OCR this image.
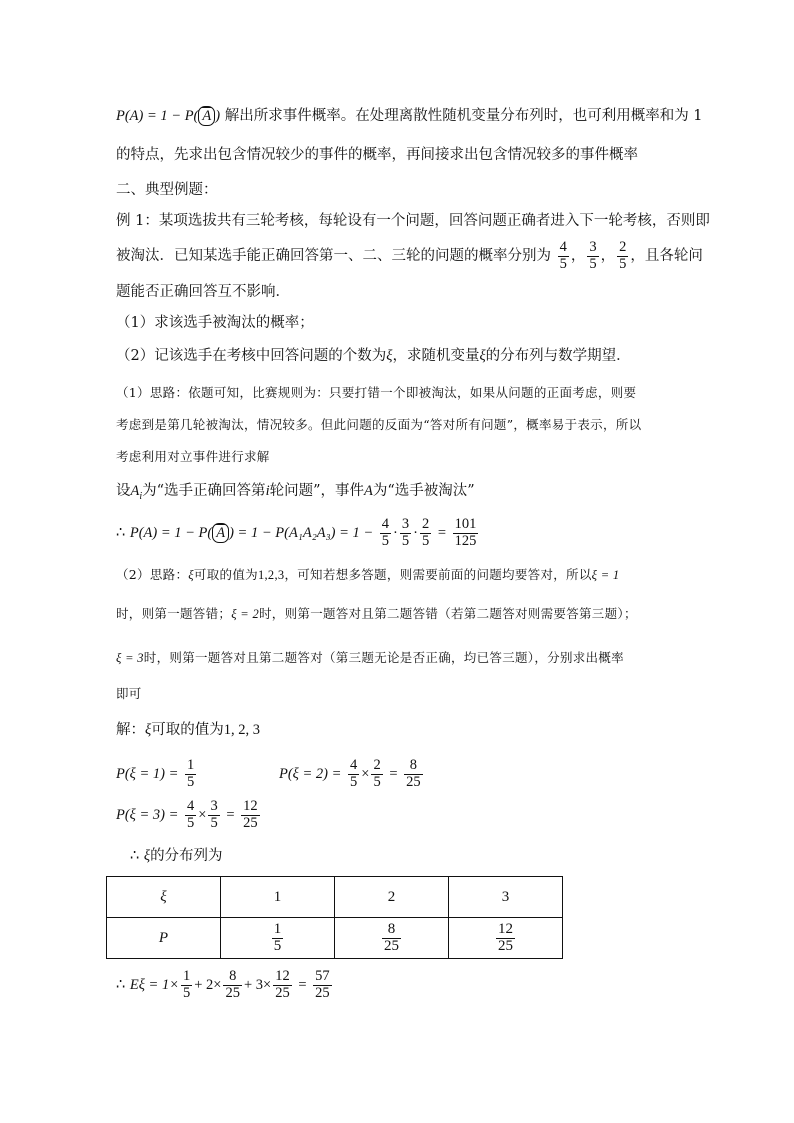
P(A) = 1 − P( A ) 解出所求事件概率。在处理离散性随机变量分布列时，也可利用概率和为 1
的特点，先求出包含情况较少的事件的概率，再间接求出包含情况较多的事件概率
二、典型例题：
例 1：某项选拔共有三轮考核，每轮设有一个问题，回答问题正确者进入下一轮考核，否则即
被淘汰．已知某选手能正确回答第一、二、三轮的问题的概率分别为 $\frac{4}{5}$ ， $\frac{3}{5}$ ， $\frac{2}{5}$ ，且各轮问
题能否正确回答互不影响．
（1）求该选手被淘汰的概率；
（2）记该选手在考核中回答问题的个数为ξ，求随机变量ξ的分布列与数学期望．
（1）思路：依题可知，比赛规则为：只要打错一个即被淘汰，如果从问题的正面考虑，则要
考虑到是第几轮被淘汰，情况较多。但此问题的反面为“答对所有问题”，概率易于表示，所以
考虑利用对立事件进行求解
设$A_i$为“选手正确回答第i轮问题”，事件A为“选手被淘汰”
∴ P(A) = 1 − P( A ) = $1 - P(A_1A_2A_3) = 1 - \frac{4}{5} \cdot \frac{3}{5} \cdot \frac{2}{5} = \frac{101}{125}$
（2）思路：ξ可取的值为1,2,3，可知若想多答题，则需要前面的问题均要答对，所以ξ = 1
时，则第一题答错；ξ = 2时，则第一题答对且第二题答错（若第二题答对则需要答第三题）；
ξ = 3时，则第一题答对且第二题答对（第三题无论是否正确，均已答三题），分别求出概率
即可
解：ξ可取的值为1, 2, 3
$P(\xi = 1) = \frac{1}{5}$	$P(\xi = 2) = \frac{4}{5} \times \frac{2}{5} = \frac{8}{25}$
$P(\xi = 3) = \frac{4}{5} \times \frac{3}{5} = \frac{12}{25}$
∴ ξ的分布列为
ξ	1	2	3
P	$\frac{1}{5}$	$\frac{8}{25}$	$\frac{12}{25}$
∴ $E\xi = 1\times \frac{1}{5} + 2\times \frac{8}{25} + 3\times \frac{12}{25} = \frac{57}{25}$
